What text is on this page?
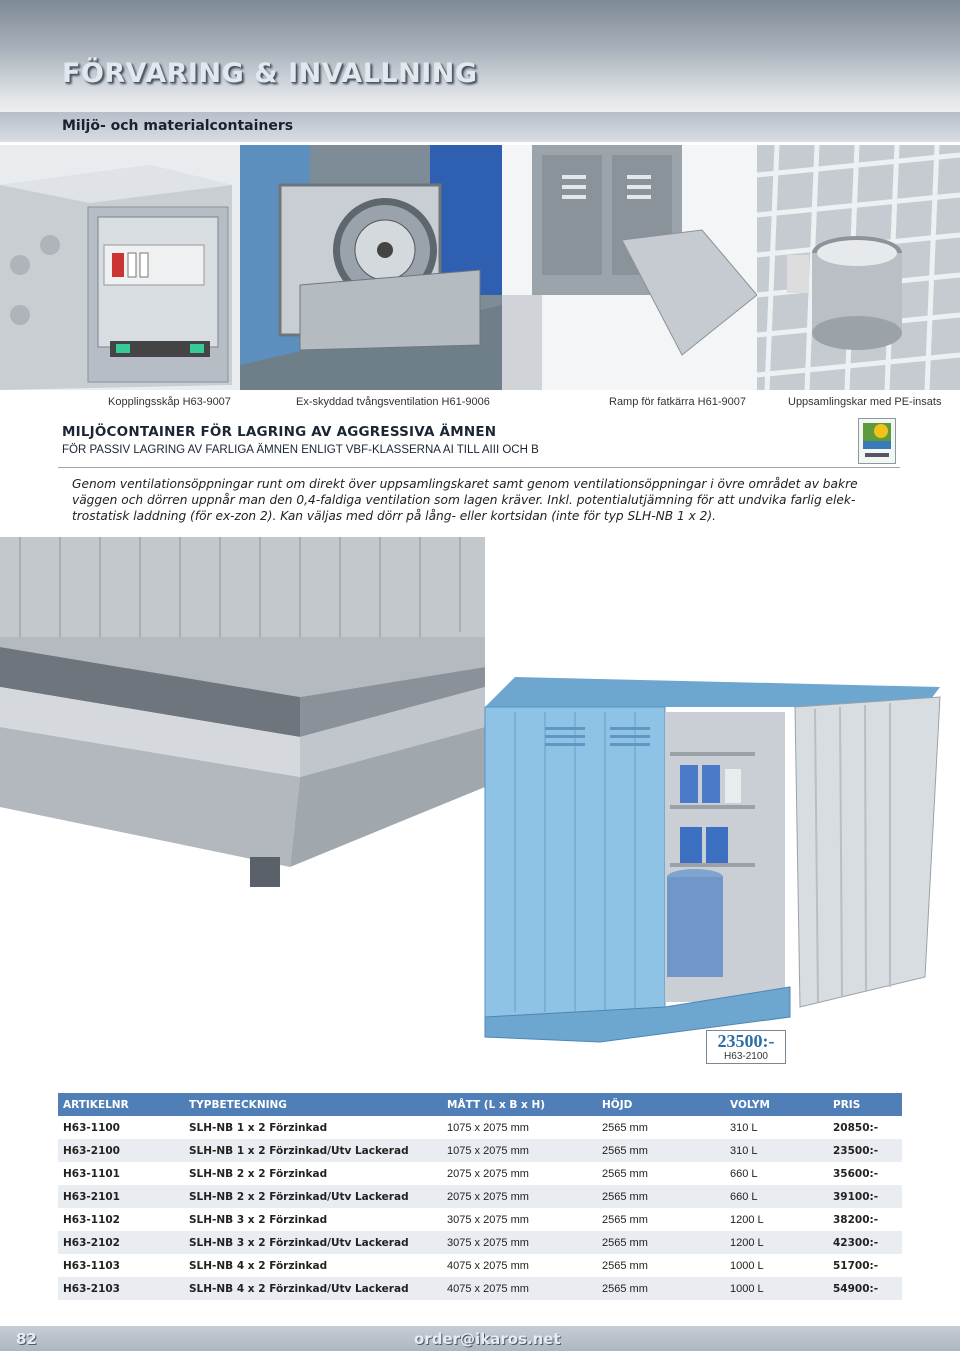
FÖRVARING & INVALLNING
Miljö- och materialcontainers
Kopplingsskåp H63-9007	Ex-skyddad tvångsventilation H61-9006	Ramp för fatkärra H61-9007	Uppsamlingskar med PE-insats
MILJÖCONTAINER FÖR LAGRING AV AGGRESSIVA ÄMNEN
FÖR PASSIV LAGRING AV FARLIGA ÄMNEN ENLIGT VBF-KLASSERNA AI TILL AIII OCH B

Genom ventilationsöppningar runt om direkt över uppsamlingskaret samt genom ventilationsöppningar i övre området av bakre

väggen och dörren uppnår man den 0,4-faldiga ventilation som lagen kräver. Inkl. potentialutjämning för att undvika farlig elek-

trostatisk laddning (för ex-zon 2). Kan väljas med dörr på lång- eller kortsidan (inte för typ SLH-NB 1 x 2).

23500:-
H63-2100
ARTIKELNR	TYPBETECKNING	MÅTT (L x B x H)	HÖJD	VOLYM	PRIS
H63-1100	SLH-NB 1 x 2 Förzinkad	1075 x 2075 mm	2565 mm	310 L	20850:-
H63-2100	SLH-NB 1 x 2 Förzinkad/Utv Lackerad	1075 x 2075 mm	2565 mm	310 L	23500:-
H63-1101	SLH-NB 2 x 2 Förzinkad	2075 x 2075 mm	2565 mm	660 L	35600:-
H63-2101	SLH-NB 2 x 2 Förzinkad/Utv Lackerad	2075 x 2075 mm	2565 mm	660 L	39100:-
H63-1102	SLH-NB 3 x 2 Förzinkad	3075 x 2075 mm	2565 mm	1200 L	38200:-
H63-2102	SLH-NB 3 x 2 Förzinkad/Utv Lackerad	3075 x 2075 mm	2565 mm	1200 L	42300:-
H63-1103	SLH-NB 4 x 2 Förzinkad	4075 x 2075 mm	2565 mm	1000 L	51700:-
H63-2103	SLH-NB 4 x 2 Förzinkad/Utv Lackerad	4075 x 2075 mm	2565 mm	1000 L	54900:-
82	order@ikaros.net
